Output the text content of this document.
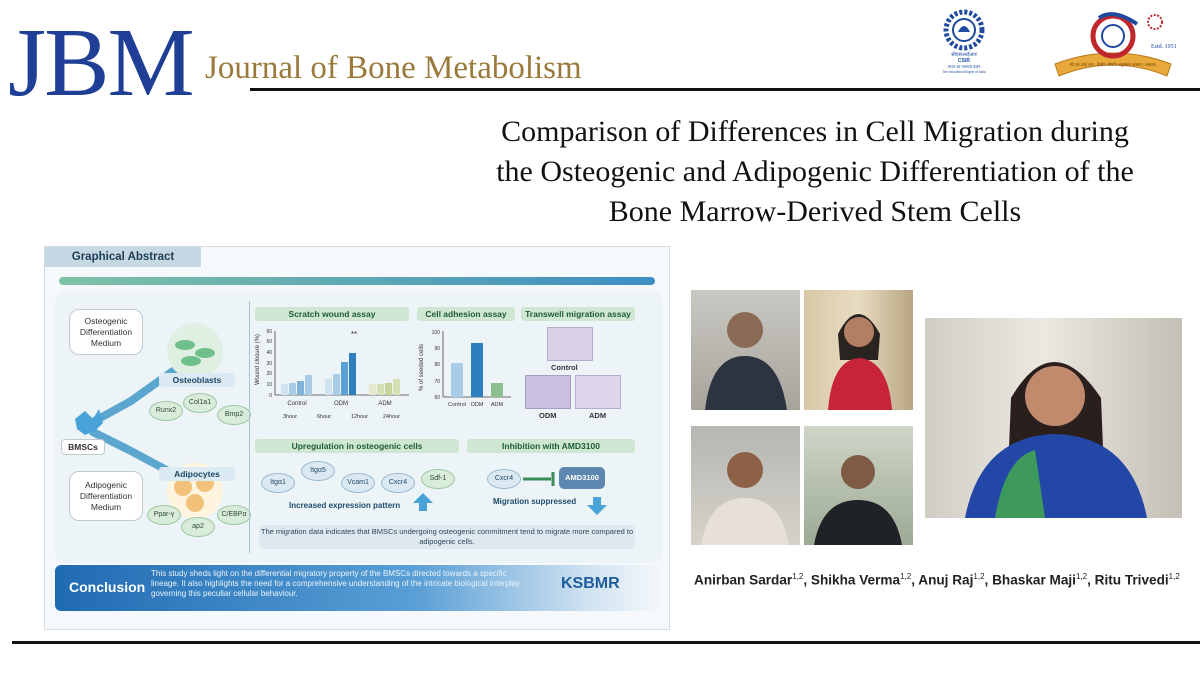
JBM Journal of Bone Metabolism	सीएसआईआर
CSIR
भारत का नवाचार इंजन
The Innovation Engine of India
Estd. 1951
सी.एस.आई.आर - केंद्रीय औषधि अनुसंधान संस्थान, लखनऊ
Comparison of Differences in Cell Migration during
the Osteogenic and Adipogenic Differentiation of the
Bone Marrow-Derived Stem Cells
Graphical Abstract
Osteogenic Differentiation Medium
Adipogenic Differentiation Medium
BMSCs
Osteoblasts
Adipocytes
Runx2
Col1a1
Bmp2
Ppar-γ
ap2
C/EBPα
Scratch wound assay	Cell adhesion assay	Transwell migration assay
Wound closure (%)
0
10
20
30
40
50
60	**
Control	ODM	ADM
3hour	6hour	12hour	24hour
% of seeded cells
60
70
80
90
100
Control ODM ADM
Control
ODM	ADM
Upregulation in osteogenic cells	Inhibition with AMD3100
Itgα1
Itgα5
Vcam1	Cxcr4
Sdf-1
Increased expression pattern
Cxcr4	AMD3100
Migration suppressed
The migration data indicates that BMSCs undergoing osteogenic commitment tend to migrate more compared to adipogenic cells.
Conclusion
This study sheds light on the differential migratory property of the BMSCs directed towards a specific lineage. It also highlights the need for a comprehensive understanding of the intricate biological interplay governing this peculiar cellular behaviour.
KSBMR	Anirban Sardar$^{1,2}$, Shikha Verma$^{1,2}$, Anuj Raj$^{1,2}$, Bhaskar Maji$^{1,2}$, Ritu Trivedi$^{1,2}$
